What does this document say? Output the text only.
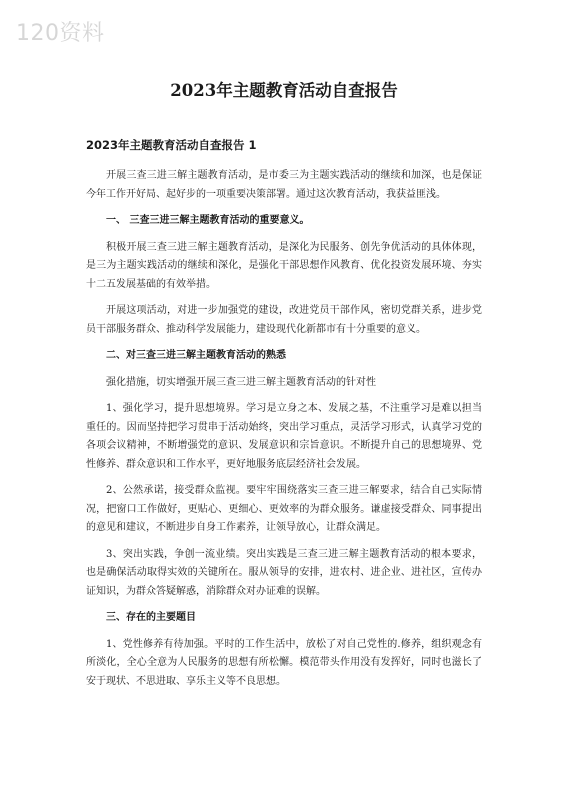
120资料
2023年主题教育活动自查报告
2023年主题教育活动自查报告 1

开展三查三进三解主题教育活动，是市委三为主题实践活动的继续和加深，也是保证今年工作开好局、起好步的一项重要决策部署。通过这次教育活动，我获益匪浅。

一、 三查三进三解主题教育活动的重要意义。

积极开展三查三进三解主题教育活动，是深化为民服务、创先争优活动的具体体现，是三为主题实践活动的继续和深化，是强化干部思想作风教育、优化投资发展环境、夯实十二五发展基础的有效举措。

开展这项活动，对进一步加强党的建设，改进党员干部作风，密切党群关系，进步党员干部服务群众、推动科学发展能力，建设现代化新都市有十分重要的意义。

二、对三查三进三解主题教育活动的熟悉

强化措施，切实增强开展三查三进三解主题教育活动的针对性

1、强化学习，提升思想境界。学习是立身之本、发展之基，不注重学习是难以担当重任的。因而坚持把学习贯串于活动始终，突出学习重点，灵活学习形式，认真学习党的各项会议精神，不断增强党的意识、发展意识和宗旨意识。不断提升自己的思想境界、党性修养、群众意识和工作水平，更好地服务底层经济社会发展。

2、公然承诺，接受群众监视。要牢牢围绕落实三查三进三解要求，结合自己实际情况，把窗口工作做好，更贴心、更细心、更效率的为群众服务。谦虚接受群众、同事提出的意见和建议，不断进步自身工作素养，让领导放心，让群众满足。

3、突出实践，争创一流业绩。突出实践是三查三进三解主题教育活动的根本要求，也是确保活动取得实效的关键所在。服从领导的安排，进农村、进企业、进社区，宣传办证知识，为群众答疑解惑，消除群众对办证难的误解。

三、存在的主要题目

1、党性修养有待加强。平时的工作生活中，放松了对自己党性的.修养，组织观念有所淡化，全心全意为人民服务的思想有所松懈。模范带头作用没有发挥好，同时也滋长了安于现状、不思进取、享乐主义等不良思想。
